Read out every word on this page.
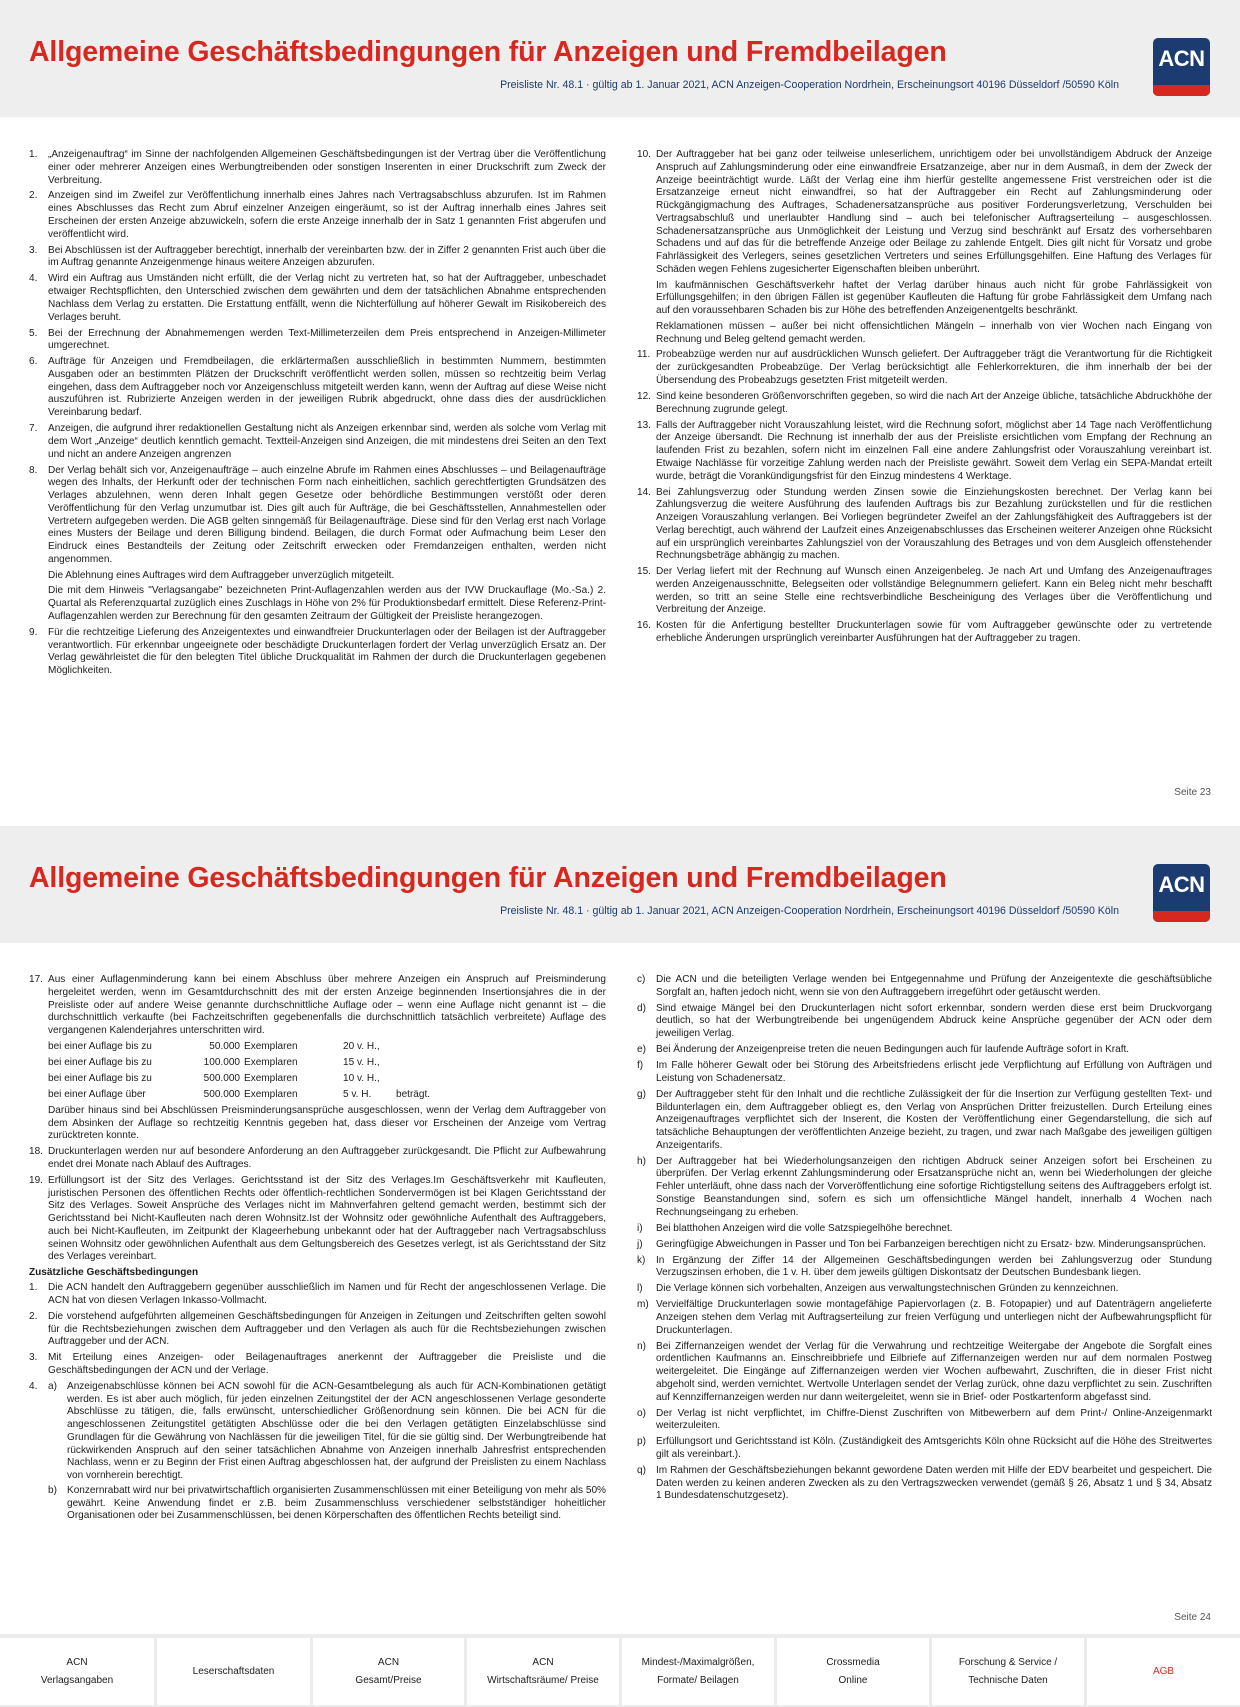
Allgemeine Geschäftsbedingungen für Anzeigen und Fremdbeilagen
Preisliste Nr. 48.1 · gültig ab 1. Januar 2021, ACN Anzeigen-Cooperation Nordrhein, Erscheinungsort 40196 Düsseldorf /50590 Köln
ACN
1. „Anzeigenauftrag“ im Sinne der nachfolgenden Allgemeinen Geschäftsbedingungen ist der Vertrag über die Veröffentlichung einer oder mehrerer Anzeigen eines Werbungtreibenden oder sonstigen Inserenten in einer Druckschrift zum Zweck der Verbreitung.

2. Anzeigen sind im Zweifel zur Veröffentlichung innerhalb eines Jahres nach Vertragsabschluss abzurufen. Ist im Rahmen eines Abschlusses das Recht zum Abruf einzelner Anzeigen eingeräumt, so ist der Auftrag innerhalb eines Jahres seit Erscheinen der ersten Anzeige abzuwickeln, sofern die erste Anzeige innerhalb der in Satz 1 genannten Frist abgerufen und veröffentlicht wird.

3. Bei Abschlüssen ist der Auftraggeber berechtigt, innerhalb der vereinbarten bzw. der in Ziffer 2 genannten Frist auch über die im Auftrag genannte Anzeigenmenge hinaus weitere Anzeigen abzurufen.

4. Wird ein Auftrag aus Umständen nicht erfüllt, die der Verlag nicht zu vertreten hat, so hat der Auftraggeber, unbeschadet etwaiger Rechtspflichten, den Unterschied zwischen dem gewährten und dem der tatsächlichen Abnahme entsprechenden Nachlass dem Verlag zu erstatten. Die Erstattung entfällt, wenn die Nichterfüllung auf höherer Gewalt im Risikobereich des Verlages beruht.

5. Bei der Errechnung der Abnahmemengen werden Text-Millimeterzeilen dem Preis entsprechend in Anzeigen-Millimeter umgerechnet.

6. Aufträge für Anzeigen und Fremdbeilagen, die erklärtermaßen ausschließlich in bestimmten Nummern, bestimmten Ausgaben oder an bestimmten Plätzen der Druckschrift veröffentlicht werden sollen, müssen so rechtzeitig beim Verlag eingehen, dass dem Auftraggeber noch vor Anzeigenschluss mitgeteilt werden kann, wenn der Auftrag auf diese Weise nicht auszuführen ist. Rubrizierte Anzeigen werden in der jeweiligen Rubrik abgedruckt, ohne dass dies der ausdrücklichen Vereinbarung bedarf.

7. Anzeigen, die aufgrund ihrer redaktionellen Gestaltung nicht als Anzeigen erkennbar sind, werden als solche vom Verlag mit dem Wort „Anzeige“ deutlich kenntlich gemacht. Textteil-Anzeigen sind Anzeigen, die mit mindestens drei Seiten an den Text und nicht an andere Anzeigen angrenzen

8. Der Verlag behält sich vor, Anzeigenaufträge – auch einzelne Abrufe im Rahmen eines Abschlusses – und Beilagenaufträge wegen des Inhalts, der Herkunft oder der technischen Form nach einheitlichen, sachlich gerechtfertigten Grundsätzen des Verlages abzulehnen, wenn deren Inhalt gegen Gesetze oder behördliche Bestimmungen verstößt oder deren Veröffentlichung für den Verlag unzumutbar ist. Dies gilt auch für Aufträge, die bei Geschäftsstellen, Annahmestellen oder Vertretern aufgegeben werden. Die AGB gelten sinngemäß für Beilagenaufträge. Diese sind für den Verlag erst nach Vorlage eines Musters der Beilage und deren Billigung bindend. Beilagen, die durch Format oder Aufmachung beim Leser den Eindruck eines Bestandteils der Zeitung oder Zeitschrift erwecken oder Fremdanzeigen enthalten, werden nicht angenommen.

Die Ablehnung eines Auftrages wird dem Auftraggeber unverzüglich mitgeteilt.

Die mit dem Hinweis "Verlagsangabe" bezeichneten Print-Auflagenzahlen werden aus der IVW Druckauflage (Mo.-Sa.) 2. Quartal als Referenzquartal zuzüglich eines Zuschlags in Höhe von 2% für Produktionsbedarf ermittelt. Diese Referenz-Print-Auflagenzahlen werden zur Berechnung für den gesamten Zeitraum der Gültigkeit der Preisliste herangezogen.

9. Für die rechtzeitige Lieferung des Anzeigentextes und einwandfreier Druckunterlagen oder der Beilagen ist der Auftraggeber verantwortlich. Für erkennbar ungeeignete oder beschädigte Druckunterlagen fordert der Verlag unverzüglich Ersatz an. Der Verlag gewährleistet die für den belegten Titel übliche Druckqualität im Rahmen der durch die Druckunterlagen gegebenen Möglichkeiten.

10. Der Auftraggeber hat bei ganz oder teilweise unleserlichem, unrichtigem oder bei unvollständigem Abdruck der Anzeige Anspruch auf Zahlungsminderung oder eine einwandfreie Ersatzanzeige, aber nur in dem Ausmaß, in dem der Zweck der Anzeige beeinträchtigt wurde. Läßt der Verlag eine ihm hierfür gestellte angemessene Frist verstreichen oder ist die Ersatzanzeige erneut nicht einwandfrei, so hat der Auftraggeber ein Recht auf Zahlungsminderung oder Rückgängigmachung des Auftrages, Schadenersatzansprüche aus positiver Forderungsverletzung, Verschulden bei Vertragsabschluß und unerlaubter Handlung sind – auch bei telefonischer Auftragserteilung – ausgeschlossen. Schadenersatzansprüche aus Unmöglichkeit der Leistung und Verzug sind beschränkt auf Ersatz des vorhersehbaren Schadens und auf das für die betreffende Anzeige oder Beilage zu zahlende Entgelt. Dies gilt nicht für Vorsatz und grobe Fahrlässigkeit des Verlegers, seines gesetzlichen Vertreters und seines Erfüllungsgehilfen. Eine Haftung des Verlages für Schäden wegen Fehlens zugesicherter Eigenschaften bleiben unberührt.

Im kaufmännischen Geschäftsverkehr haftet der Verlag darüber hinaus auch nicht für grobe Fahrlässigkeit von Erfüllungsgehilfen; in den übrigen Fällen ist gegenüber Kaufleuten die Haftung für grobe Fahrlässigkeit dem Umfang nach auf den voraussehbaren Schaden bis zur Höhe des betreffenden Anzeigenentgelts beschränkt.

Reklamationen müssen – außer bei nicht offensichtlichen Mängeln – innerhalb von vier Wochen nach Eingang von Rechnung und Beleg geltend gemacht werden.

11. Probeabzüge werden nur auf ausdrücklichen Wunsch geliefert. Der Auftraggeber trägt die Verantwortung für die Richtigkeit der zurückgesandten Probeabzüge. Der Verlag berücksichtigt alle Fehlerkorrekturen, die ihm innerhalb der bei der Übersendung des Probeabzugs gesetzten Frist mitgeteilt werden.

12. Sind keine besonderen Größenvorschriften gegeben, so wird die nach Art der Anzeige übliche, tatsächliche Abdruckhöhe der Berechnung zugrunde gelegt.

13. Falls der Auftraggeber nicht Vorauszahlung leistet, wird die Rechnung sofort, möglichst aber 14 Tage nach Veröffentlichung der Anzeige übersandt. Die Rechnung ist innerhalb der aus der Preisliste ersichtlichen vom Empfang der Rechnung an laufenden Frist zu bezahlen, sofern nicht im einzelnen Fall eine andere Zahlungsfrist oder Vorauszahlung vereinbart ist. Etwaige Nachlässe für vorzeitige Zahlung werden nach der Preisliste gewährt. Soweit dem Verlag ein SEPA-Mandat erteilt wurde, beträgt die Vorankündigungsfrist für den Einzug mindestens 4 Werktage.

14. Bei Zahlungsverzug oder Stundung werden Zinsen sowie die Einziehungskosten berechnet. Der Verlag kann bei Zahlungsverzug die weitere Ausführung des laufenden Auftrags bis zur Bezahlung zurückstellen und für die restlichen Anzeigen Vorauszahlung verlangen. Bei Vorliegen begründeter Zweifel an der Zahlungsfähigkeit des Auftraggebers ist der Verlag berechtigt, auch während der Laufzeit eines Anzeigenabschlusses das Erscheinen weiterer Anzeigen ohne Rücksicht auf ein ursprünglich vereinbartes Zahlungsziel von der Vorauszahlung des Betrages und von dem Ausgleich offenstehender Rechnungsbeträge abhängig zu machen.

15. Der Verlag liefert mit der Rechnung auf Wunsch einen Anzeigenbeleg. Je nach Art und Umfang des Anzeigenauftrages werden Anzeigenausschnitte, Belegseiten oder vollständige Belegnummern geliefert. Kann ein Beleg nicht mehr beschafft werden, so tritt an seine Stelle eine rechtsverbindliche Bescheinigung des Verlages über die Veröffentlichung und Verbreitung der Anzeige.

16. Kosten für die Anfertigung bestellter Druckunterlagen sowie für vom Auftraggeber gewünschte oder zu vertretende erhebliche Änderungen ursprünglich vereinbarter Ausführungen hat der Auftraggeber zu tragen.

Seite 23
Allgemeine Geschäftsbedingungen für Anzeigen und Fremdbeilagen
Preisliste Nr. 48.1 · gültig ab 1. Januar 2021, ACN Anzeigen-Cooperation Nordrhein, Erscheinungsort 40196 Düsseldorf /50590 Köln
ACN
17. Aus einer Auflagenminderung kann bei einem Abschluss über mehrere Anzeigen ein Anspruch auf Preisminderung hergeleitet werden, wenn im Gesamtdurchschnitt des mit der ersten Anzeige beginnenden Insertionsjahres die in der Preisliste oder auf andere Weise genannte durchschnittliche Auflage oder – wenn eine Auflage nicht genannt ist – die durchschnittlich verkaufte (bei Fachzeitschriften gegebenenfalls die durchschnittlich tatsächlich verbreitete) Auflage des vergangenen Kalenderjahres unterschritten wird.

bei einer Auflage bis zu	50.000	Exemplaren	20 v. H.,	
bei einer Auflage bis zu	100.000	Exemplaren	15 v. H.,	
bei einer Auflage bis zu	500.000	Exemplaren	10 v. H.,	
bei einer Auflage über	500.000	Exemplaren	5 v. H.	beträgt.

Darüber hinaus sind bei Abschlüssen Preisminderungsansprüche ausgeschlossen, wenn der Verlag dem Auftraggeber von dem Absinken der Auflage so rechtzeitig Kenntnis gegeben hat, dass dieser vor Erscheinen der Anzeige vom Vertrag zurücktreten konnte.

18. Druckunterlagen werden nur auf besondere Anforderung an den Auftraggeber zurückgesandt. Die Pflicht zur Aufbewahrung endet drei Monate nach Ablauf des Auftrages.

19. Erfüllungsort ist der Sitz des Verlages. Gerichtsstand ist der Sitz des Verlages.Im Geschäftsverkehr mit Kaufleuten, juristischen Personen des öffentlichen Rechts oder öffentlich-rechtlichen Sondervermögen ist bei Klagen Gerichtsstand der Sitz des Verlages. Soweit Ansprüche des Verlages nicht im Mahnverfahren geltend gemacht werden, bestimmt sich der Gerichtsstand bei Nicht-Kaufleuten nach deren Wohnsitz.Ist der Wohnsitz oder gewöhnliche Aufenthalt des Auftraggebers, auch bei Nicht-Kaufleuten, im Zeitpunkt der Klageerhebung unbekannt oder hat der Auftraggeber nach Vertragsabschluss seinen Wohnsitz oder gewöhnlichen Aufenthalt aus dem Geltungsbereich des Gesetzes verlegt, ist als Gerichtsstand der Sitz des Verlages vereinbart.

Zusätzliche Geschäftsbedingungen
1. Die ACN handelt den Auftraggebern gegenüber ausschließlich im Namen und für Recht der angeschlossenen Verlage. Die ACN hat von diesen Verlagen Inkasso-Vollmacht.

2. Die vorstehend aufgeführten allgemeinen Geschäftsbedingungen für Anzeigen in Zeitungen und Zeitschriften gelten sowohl für die Rechtsbeziehungen zwischen dem Auftraggeber und den Verlagen als auch für die Rechtsbeziehungen zwischen Auftraggeber und der ACN.

3. Mit Erteilung eines Anzeigen- oder Beilagenauftrages anerkennt der Auftraggeber die Preisliste und die Geschäftsbedingungen der ACN und der Verlage.

4. a) Anzeigenabschlüsse können bei ACN sowohl für die ACN-Gesamtbelegung als auch für ACN-Kombinationen getätigt werden. Es ist aber auch möglich, für jeden einzelnen Zeitungstitel der der ACN angeschlossenen Verlage gesonderte Abschlüsse zu tätigen, die, falls erwünscht, unterschiedlicher Größenordnung sein können. Die bei ACN für die angeschlossenen Zeitungstitel getätigten Abschlüsse oder die bei den Verlagen getätigten Einzelabschlüsse sind Grundlagen für die Gewährung von Nachlässen für die jeweiligen Titel, für die sie gültig sind. Der Werbungtreibende hat rückwirkenden Anspruch auf den seiner tatsächlichen Abnahme von Anzeigen innerhalb Jahresfrist entsprechenden Nachlass, wenn er zu Beginn der Frist einen Auftrag abgeschlossen hat, der aufgrund der Preislisten zu einem Nachlass von vornherein berechtigt.

b) Konzernrabatt wird nur bei privatwirtschaftlich organisierten Zusammenschlüssen mit einer Beteiligung von mehr als 50% gewährt. Keine Anwendung findet er z.B. beim Zusammenschluss verschiedener selbstständiger hoheitlicher Organisationen oder bei Zusammenschlüssen, bei denen Körperschaften des öffentlichen Rechts beteiligt sind.

c) Die ACN und die beteiligten Verlage wenden bei Entgegennahme und Prüfung der Anzeigentexte die geschäftsübliche Sorgfalt an, haften jedoch nicht, wenn sie von den Auftraggebern irregeführt oder getäuscht werden.

d) Sind etwaige Mängel bei den Druckunterlagen nicht sofort erkennbar, sondern werden diese erst beim Druckvorgang deutlich, so hat der Werbungtreibende bei ungenügendem Abdruck keine Ansprüche gegenüber der ACN oder dem jeweiligen Verlag.

e) Bei Änderung der Anzeigenpreise treten die neuen Bedingungen auch für laufende Aufträge sofort in Kraft.

f) Im Falle höherer Gewalt oder bei Störung des Arbeitsfriedens erlischt jede Verpflichtung auf Erfüllung von Aufträgen und Leistung von Schadenersatz.

g) Der Auftraggeber steht für den Inhalt und die rechtliche Zulässigkeit der für die Insertion zur Verfügung gestellten Text- und Bildunterlagen ein, dem Auftraggeber obliegt es, den Verlag von Ansprüchen Dritter freizustellen. Durch Erteilung eines Anzeigenauftrages verpflichtet sich der Inserent, die Kosten der Veröffentlichung einer Gegendarstellung, die sich auf tatsächliche Behauptungen der veröffentlichten Anzeige bezieht, zu tragen, und zwar nach Maßgabe des jeweiligen gültigen Anzeigentarifs.

h) Der Auftraggeber hat bei Wiederholungsanzeigen den richtigen Abdruck seiner Anzeigen sofort bei Erscheinen zu überprüfen. Der Verlag erkennt Zahlungsminderung oder Ersatzansprüche nicht an, wenn bei Wiederholungen der gleiche Fehler unterläuft, ohne dass nach der Vorveröffentlichung eine sofortige Richtigstellung seitens des Auftraggebers erfolgt ist. Sonstige Beanstandungen sind, sofern es sich um offensichtliche Mängel handelt, innerhalb 4 Wochen nach Rechnungseingang zu erheben.

i) Bei blatthohen Anzeigen wird die volle Satzspiegelhöhe berechnet.

j) Geringfügige Abweichungen in Passer und Ton bei Farbanzeigen berechtigen nicht zu Ersatz- bzw. Minderungsansprüchen.

k) In Ergänzung der Ziffer 14 der Allgemeinen Geschäftsbedingungen werden bei Zahlungsverzug oder Stundung Verzugszinsen erhoben, die 1 v. H. über dem jeweils gültigen Diskontsatz der Deutschen Bundesbank liegen.

l) Die Verlage können sich vorbehalten, Anzeigen aus verwaltungstechnischen Gründen zu kennzeichnen.

m) Vervielfältige Druckunterlagen sowie montagefähige Papiervorlagen (z. B. Fotopapier) und auf Datenträgern angelieferte Anzeigen stehen dem Verlag mit Auftragserteilung zur freien Verfügung und unterliegen nicht der Aufbewahrungspflicht für Druckunterlagen.

n) Bei Ziffernanzeigen wendet der Verlag für die Verwahrung und rechtzeitige Weitergabe der Angebote die Sorgfalt eines ordentlichen Kaufmanns an. Einschreibbriefe und Eilbriefe auf Ziffernanzeigen werden nur auf dem normalen Postweg weitergeleitet. Die Eingänge auf Ziffernanzeigen werden vier Wochen aufbewahrt, Zuschriften, die in dieser Frist nicht abgeholt sind, werden vernichtet. Wertvolle Unterlagen sendet der Verlag zurück, ohne dazu verpflichtet zu sein. Zuschriften auf Kennziffernanzeigen werden nur dann weitergeleitet, wenn sie in Brief- oder Postkartenform abgefasst sind.

o) Der Verlag ist nicht verpflichtet, im Chiffre-Dienst Zuschriften von Mitbewerbern auf dem Print-/ Online-Anzeigenmarkt weiterzuleiten.

p) Erfüllungsort und Gerichtsstand ist Köln. (Zuständigkeit des Amtsgerichts Köln ohne Rücksicht auf die Höhe des Streitwertes gilt als vereinbart.).

q) Im Rahmen der Geschäftsbeziehungen bekannt gewordene Daten werden mit Hilfe der EDV bearbeitet und gespeichert. Die Daten werden zu keinen anderen Zwecken als zu den Vertragszwecken verwendet (gemäß § 26, Absatz 1 und § 34, Absatz 1 Bundesdatenschutzgesetz).

Seite 24
ACN
Verlagsangaben
Leserschaftsdaten
ACN
Gesamt/Preise
ACN
Wirtschaftsräume/ Preise
Mindest-/Maximalgrößen,
Formate/ Beilagen
Crossmedia
Online
Forschung & Service /
Technische Daten
AGB
